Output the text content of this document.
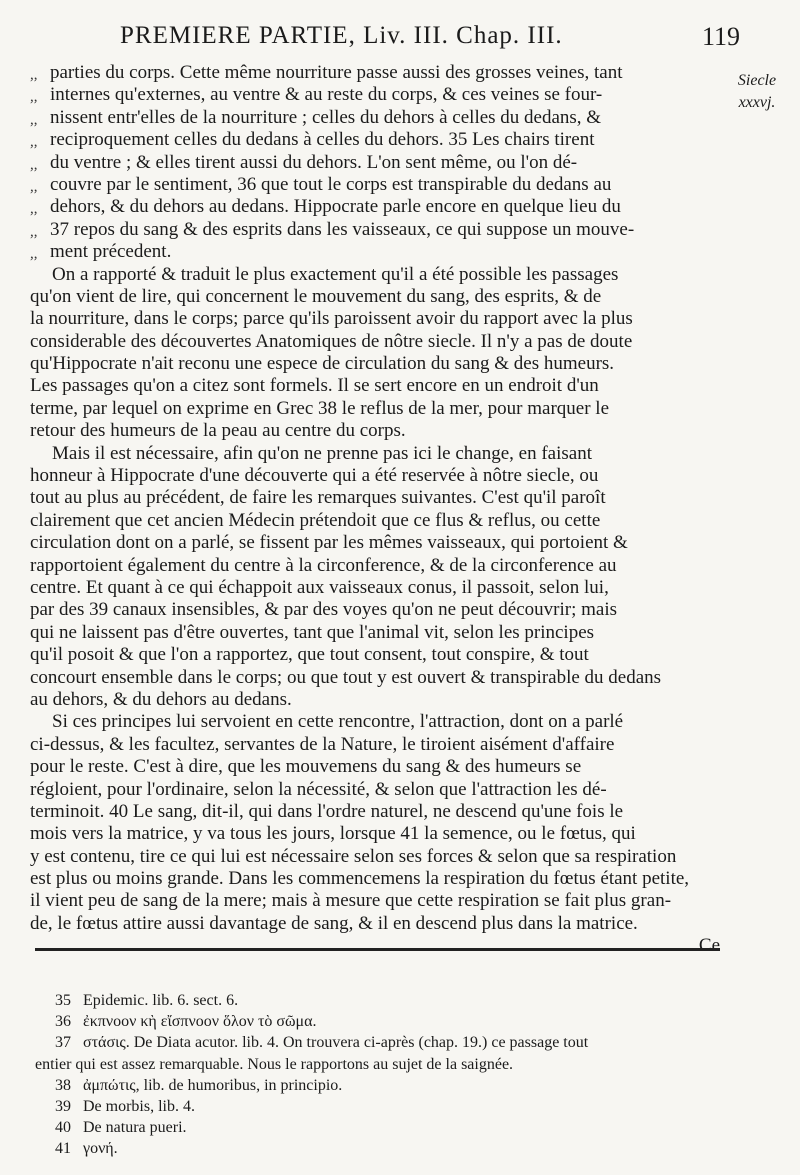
PREMIERE PARTIE, Liv. III. Chap. III.	119
Siecle xxxvj.
,, parties du corps. Cette même nourriture passe aussi des grosses veines, tant
,, internes qu'externes, au ventre & au reste du corps, & ces veines se four-
,, nissent entr'elles de la nourriture ; celles du dehors à celles du dedans, &
,, reciproquement celles du dedans à celles du dehors. 35 Les chairs tirent
,, du ventre ; & elles tirent aussi du dehors. L'on sent même, ou l'on dé-
,, couvre par le sentiment, 36 que tout le corps est transpirable du dedans au
,, dehors, & du dehors au dedans. Hippocrate parle encore en quelque lieu du
,, 37 repos du sang & des esprits dans les vaisseaux, ce qui suppose un mouve-
,, ment précedent.
On a rapporté & traduit le plus exactement qu'il a été possible les passages
qu'on vient de lire, qui concernent le mouvement du sang, des esprits, & de
la nourriture, dans le corps; parce qu'ils paroissent avoir du rapport avec la plus
considerable des découvertes Anatomiques de nôtre siecle. Il n'y a pas de doute
qu'Hippocrate n'ait reconu une espece de circulation du sang & des humeurs.
Les passages qu'on a citez sont formels. Il se sert encore en un endroit d'un
terme, par lequel on exprime en Grec 38 le reflus de la mer, pour marquer le
retour des humeurs de la peau au centre du corps.
Mais il est nécessaire, afin qu'on ne prenne pas ici le change, en faisant
honneur à Hippocrate d'une découverte qui a été reservée à nôtre siecle, ou
tout au plus au précédent, de faire les remarques suivantes. C'est qu'il paroît
clairement que cet ancien Médecin prétendoit que ce flus & reflus, ou cette
circulation dont on a parlé, se fissent par les mêmes vaisseaux, qui portoient &
rapportoient également du centre à la circonference, & de la circonference au
centre. Et quant à ce qui échappoit aux vaisseaux conus, il passoit, selon lui,
par des 39 canaux insensibles, & par des voyes qu'on ne peut découvrir; mais
qui ne laissent pas d'être ouvertes, tant que l'animal vit, selon les principes
qu'il posoit & que l'on a rapportez, que tout consent, tout conspire, & tout
concourt ensemble dans le corps; ou que tout y est ouvert & transpirable du dedans
au dehors, & du dehors au dedans.
Si ces principes lui servoient en cette rencontre, l'attraction, dont on a parlé
ci-dessus, & les facultez, servantes de la Nature, le tiroient aisément d'affaire
pour le reste. C'est à dire, que les mouvemens du sang & des humeurs se
régloient, pour l'ordinaire, selon la nécessité, & selon que l'attraction les dé-
terminoit. 40 Le sang, dit-il, qui dans l'ordre naturel, ne descend qu'une fois le
mois vers la matrice, y va tous les jours, lorsque 41 la semence, ou le fœtus, qui
y est contenu, tire ce qui lui est nécessaire selon ses forces & selon que sa respiration
est plus ou moins grande. Dans les commencemens la respiration du fœtus étant petite,
il vient peu de sang de la mere; mais à mesure que cette respiration se fait plus gran-
de, le fœtus attire aussi davantage de sang, & il en descend plus dans la matrice.
Ce
35 Epidemic. lib. 6. sect. 6.
36 ἐκπνοον κὴ εἴσπνοον ὅλον τὸ σῶμα.
37 στάσις. De Diata acutor. lib. 4. On trouvera ci-après (chap. 19.) ce passage tout
entier qui est assez remarquable. Nous le rapportons au sujet de la saignée.
38 ἀμπώτις, lib. de humoribus, in principio.
39 De morbis, lib. 4.
40 De natura pueri.
41 γονή.
